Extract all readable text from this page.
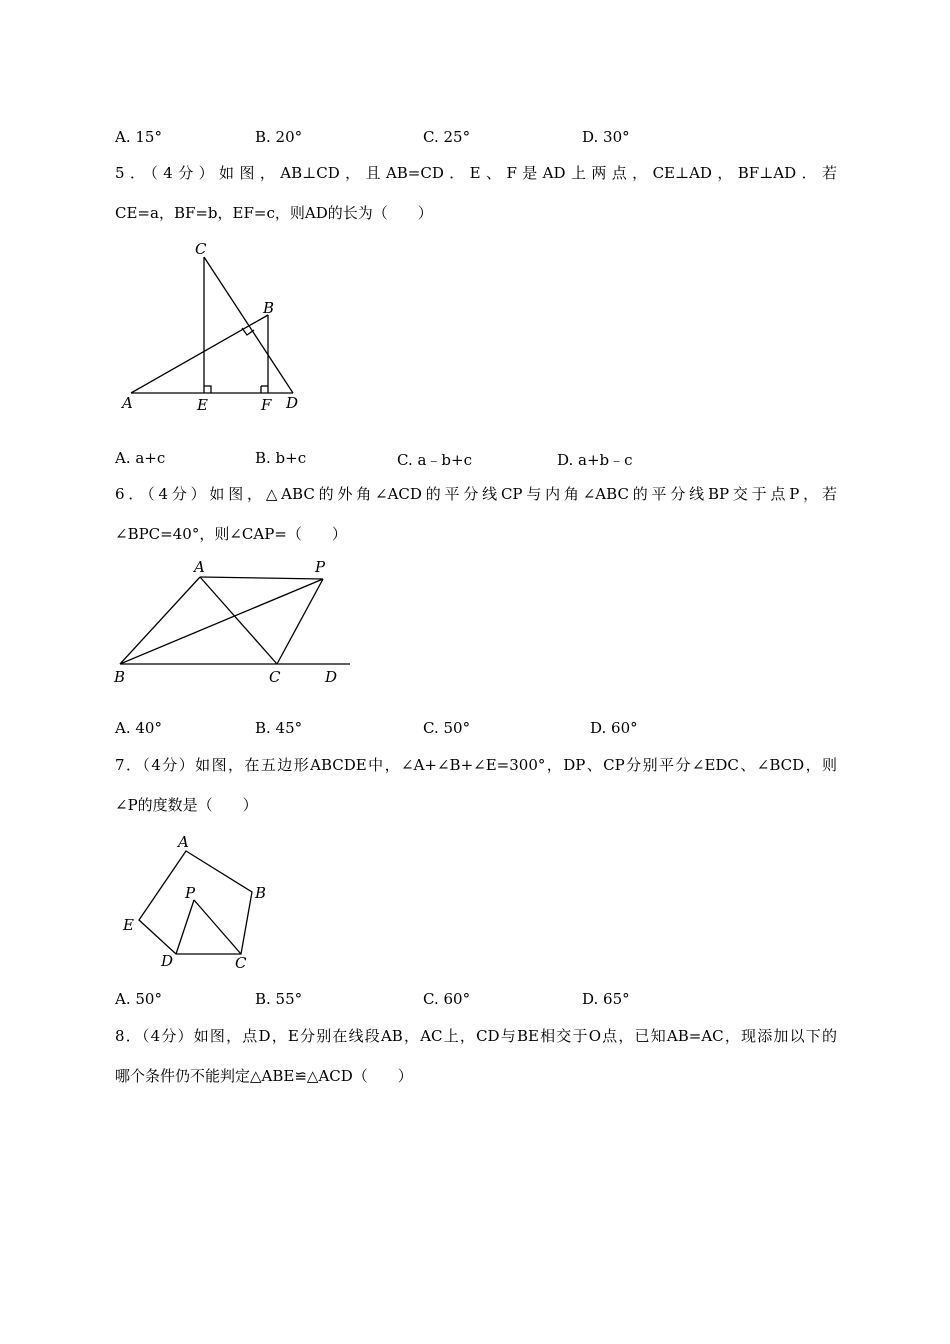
A. 15°	B. 20°	C. 25°	D. 30°
5．（4分）如图，AB⊥CD，且AB=CD．E、F是AD上两点，CE⊥AD，BF⊥AD．若
CE=a，BF=b，EF=c，则AD的长为（　　）
C
B
A	E	F D
A. a+c	B. b+c	C. a﹣b+c	D. a+b﹣c
6．（4分）如图，△ABC的外角∠ACD的平分线CP与内角∠ABC的平分线BP交于点P，若
∠BPC=40°，则∠CAP=（　　）
A	P
B	C	D
A. 40°	B. 45°	C. 50°	D. 60°
7．（4分）如图，在五边形ABCDE中，∠A+∠B+∠E=300°，DP、CP分别平分∠EDC、∠BCD，则
∠P的度数是（　　）
A
P	B
E
D	C
A. 50°	B. 55°	C. 60°	D. 65°
8．（4分）如图，点D，E分别在线段AB，AC上，CD与BE相交于O点，已知AB=AC，现添加以下的
哪个条件仍不能判定△ABE≌△ACD（　　）
